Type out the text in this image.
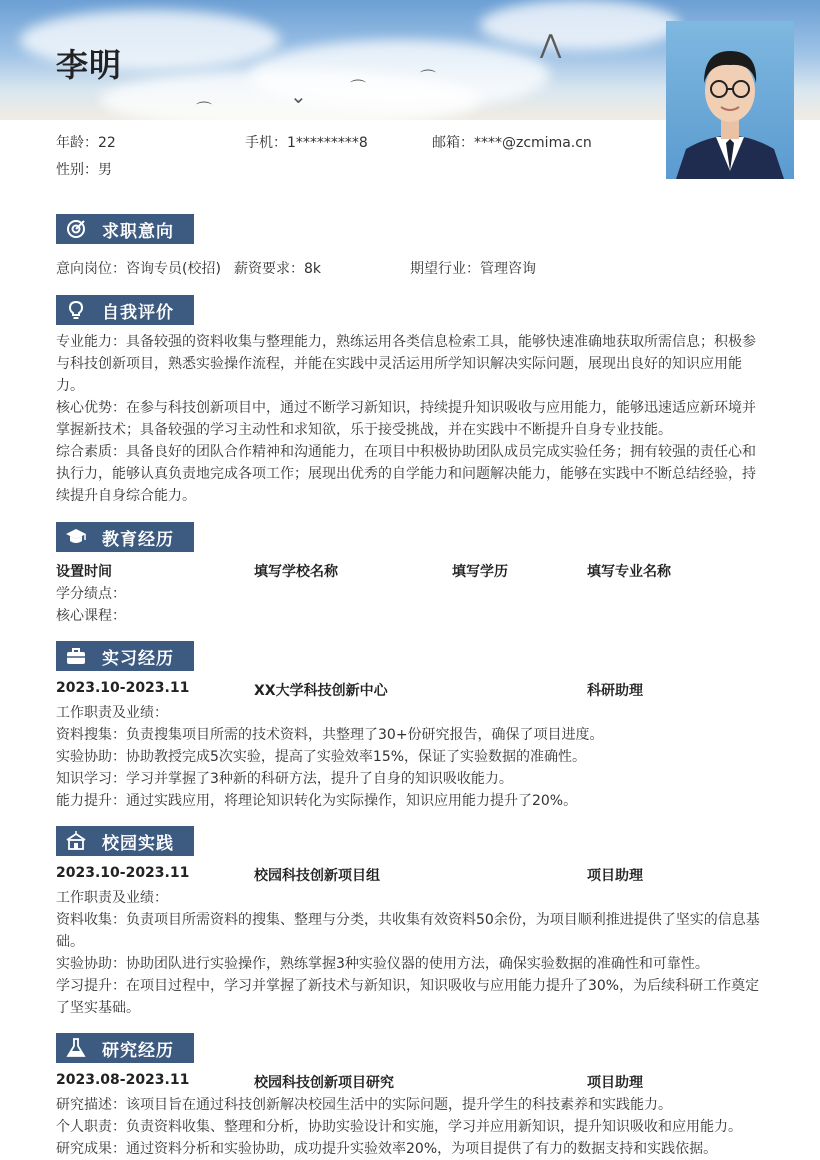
⋀
⌒
⌒
⌄
⌒
李明
年龄：22	手机：1*********8	邮箱：****@zcmima.cn
性别：男
求职意向
意向岗位：咨询专员(校招) 薪资要求：8k	期望行业：管理咨询
自我评价
专业能力：具备较强的资料收集与整理能力，熟练运用各类信息检索工具，能够快速准确地获取所需信息；积极参
与科技创新项目，熟悉实验操作流程，并能在实践中灵活运用所学知识解决实际问题，展现出良好的知识应用能
力。
核心优势：在参与科技创新项目中，通过不断学习新知识，持续提升知识吸收与应用能力，能够迅速适应新环境并
掌握新技术；具备较强的学习主动性和求知欲，乐于接受挑战，并在实践中不断提升自身专业技能。
综合素质：具备良好的团队合作精神和沟通能力，在项目中积极协助团队成员完成实验任务；拥有较强的责任心和
执行力，能够认真负责地完成各项工作；展现出优秀的自学能力和问题解决能力，能够在实践中不断总结经验，持
续提升自身综合能力。
教育经历
设置时间	填写学校名称	填写学历	填写专业名称
学分绩点：
核心课程：
实习经历
2023.10-2023.11	XX大学科技创新中心	科研助理
工作职责及业绩：
资料搜集：负责搜集项目所需的技术资料，共整理了30+份研究报告，确保了项目进度。
实验协助：协助教授完成5次实验，提高了实验效率15%，保证了实验数据的准确性。
知识学习：学习并掌握了3种新的科研方法，提升了自身的知识吸收能力。
能力提升：通过实践应用，将理论知识转化为实际操作，知识应用能力提升了20%。
校园实践
2023.10-2023.11	校园科技创新项目组	项目助理
工作职责及业绩：
资料收集：负责项目所需资料的搜集、整理与分类，共收集有效资料50余份，为项目顺利推进提供了坚实的信息基
础。
实验协助：协助团队进行实验操作，熟练掌握3种实验仪器的使用方法，确保实验数据的准确性和可靠性。
学习提升：在项目过程中，学习并掌握了新技术与新知识，知识吸收与应用能力提升了30%，为后续科研工作奠定
了坚实基础。
研究经历
2023.08-2023.11	校园科技创新项目研究	项目助理
研究描述：该项目旨在通过科技创新解决校园生活中的实际问题，提升学生的科技素养和实践能力。
个人职责：负责资料收集、整理和分析，协助实验设计和实施，学习并应用新知识，提升知识吸收和应用能力。
研究成果：通过资料分析和实验协助，成功提升实验效率20%，为项目提供了有力的数据支持和实践依据。
